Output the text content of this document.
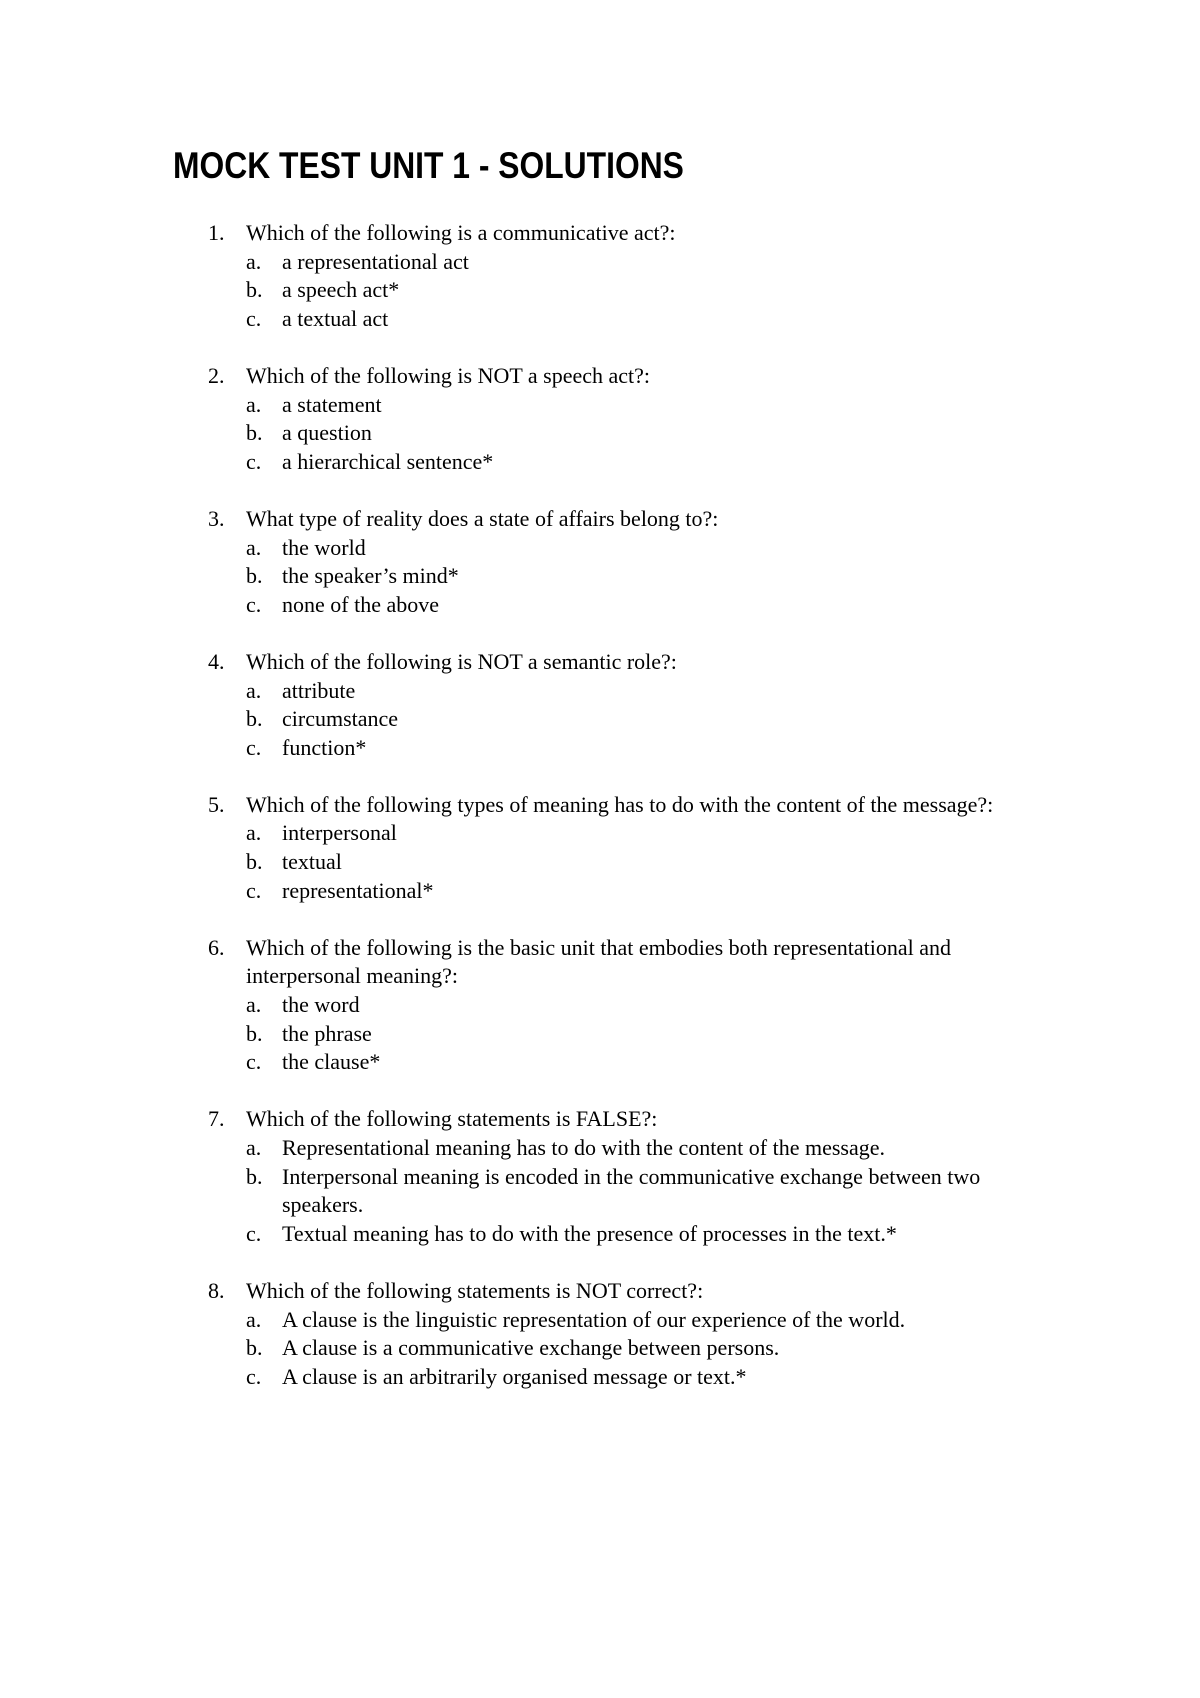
MOCK TEST UNIT 1 - SOLUTIONS
1. Which of the following is a communicative act?:
a. a representational act
b. a speech act*
c. a textual act
2. Which of the following is NOT a speech act?:
a. a statement
b. a question
c. a hierarchical sentence*
3. What type of reality does a state of affairs belong to?:
a. the world
b. the speaker’s mind*
c. none of the above
4. Which of the following is NOT a semantic role?:
a. attribute
b. circumstance
c. function*
5. Which of the following types of meaning has to do with the content of the message?:
a. interpersonal
b. textual
c. representational*
6. Which of the following is the basic unit that embodies both representational and interpersonal meaning?:
a. the word
b. the phrase
c. the clause*
7. Which of the following statements is FALSE?:
a. Representational meaning has to do with the content of the message.
b. Interpersonal meaning is encoded in the communicative exchange between two speakers.
c. Textual meaning has to do with the presence of processes in the text.*
8. Which of the following statements is NOT correct?:
a. A clause is the linguistic representation of our experience of the world.
b. A clause is a communicative exchange between persons.
c. A clause is an arbitrarily organised message or text.*
